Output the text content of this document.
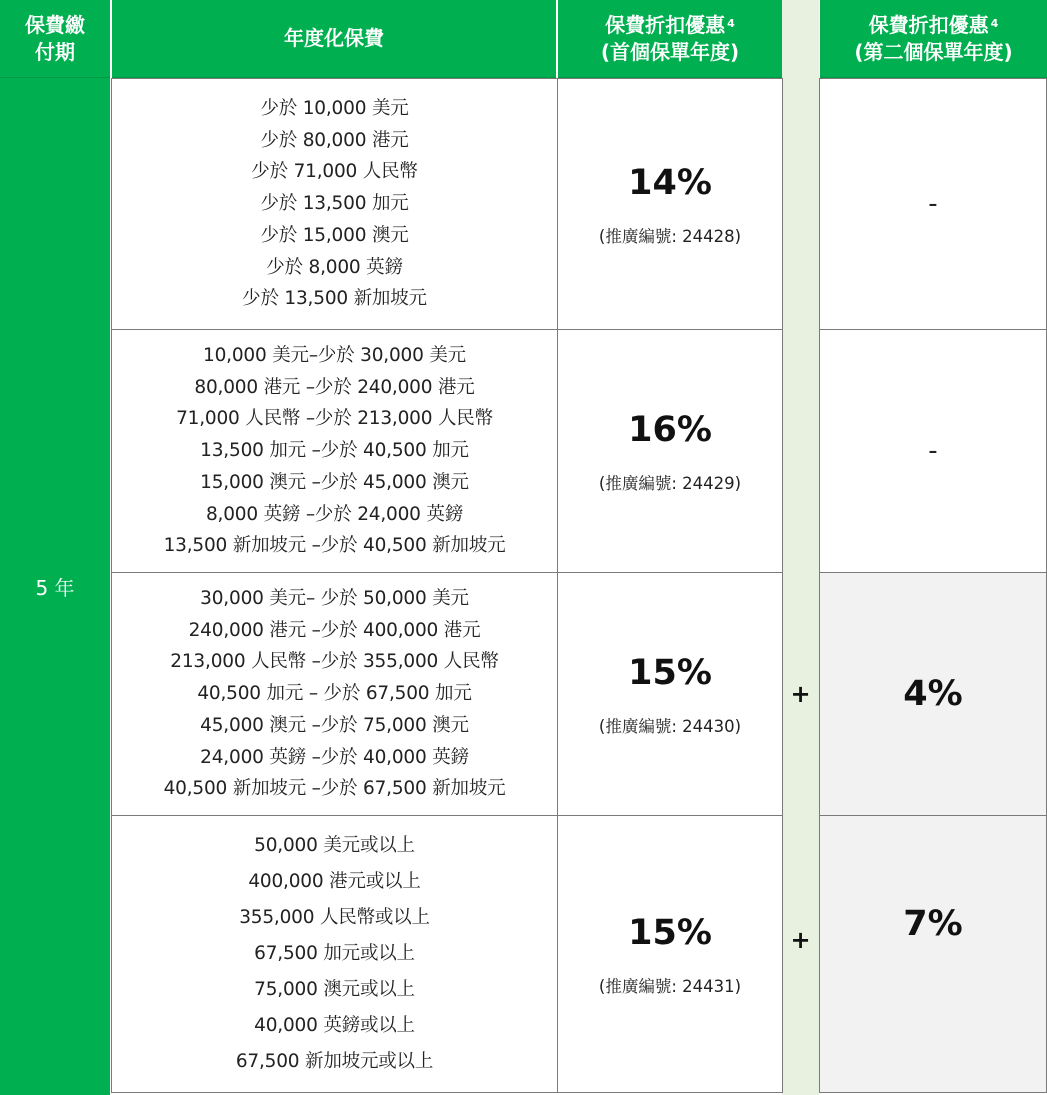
保費繳
付期
年度化保費
保費折扣優惠 $^4$
(首個保單年度)
保費折扣優惠 $^4$
(第二個保單年度)
5 年
少於 10,000 美元
少於 80,000 港元
少於 71,000 人民幣
少於 13,500 加元
少於 15,000 澳元
少於 8,000 英鎊
少於 13,500 新加坡元
14%
(推廣編號: 24428)
-
10,000 美元–少於 30,000 美元
80,000 港元 –少於 240,000 港元
71,000 人民幣 –少於 213,000 人民幣
13,500 加元 –少於 40,500 加元
15,000 澳元 –少於 45,000 澳元
8,000 英鎊 –少於 24,000 英鎊
13,500 新加坡元 –少於 40,500 新加坡元
16%
(推廣編號: 24429)
-
30,000 美元– 少於 50,000 美元
240,000 港元 –少於 400,000 港元
213,000 人民幣 –少於 355,000 人民幣
40,500 加元 – 少於 67,500 加元
45,000 澳元 –少於 75,000 澳元
24,000 英鎊 –少於 40,000 英鎊
40,500 新加坡元 –少於 67,500 新加坡元
15%
(推廣編號: 24430)
+	4%
50,000 美元或以上
400,000 港元或以上
355,000 人民幣或以上
67,500 加元或以上
75,000 澳元或以上
40,000 英鎊或以上
67,500 新加坡元或以上
15%
(推廣編號: 24431)
+	7%
